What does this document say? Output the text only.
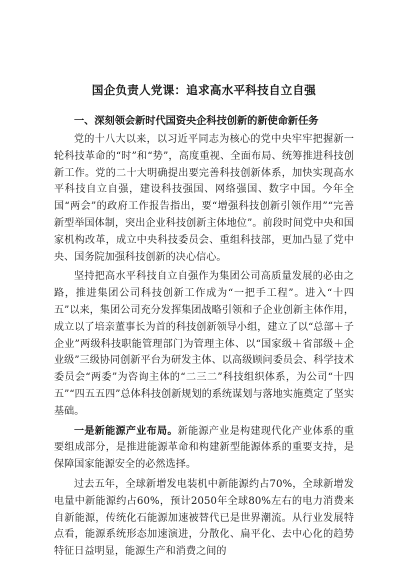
国企负责人党课：追求高水平科技自立自强
一、深刻领会新时代国资央企科技创新的新使命新任务

党的十八大以来，以习近平同志为核心的党中央牢牢把握新一轮科技革命的“时”和“势”，高度重视、全面布局、统筹推进科技创新工作。党的二十大明确提出要完善科技创新体系，加快实现高水平科技自立自强，建设科技强国、网络强国、数字中国。今年全国“两会”的政府工作报告指出，要“增强科技创新引领作用”“完善新型举国体制，突出企业科技创新主体地位”。前段时间党中央和国家机构改革，成立中央科技委员会、重组科技部，更加凸显了党中央、国务院加强科技创新的决心信心。

坚持把高水平科技自立自强作为集团公司高质量发展的必由之路，推进集团公司科技创新工作成为“一把手工程”。进入“十四五”以来，集团公司充分发挥集团战略引领和子企业创新主体作用，成立以了培亲董事长为首的科技创新领导小组，建立了以“总部＋子企业”两级科技职能管理部门为管理主体、以“国家级＋省部级＋企业级”三级协同创新平台为研发主体、以高级顾问委员会、科学技术委员会“两委”为咨询主体的“二三二”科技组织体系，为公司“十四五”“四五五四”总体科技创新规划的系统谋划与落地实施奠定了坚实基础。

一是新能源产业布局。新能源产业是构建现代化产业体系的重要组成部分，是推进能源革命和构建新型能源体系的重要支持，是保障国家能源安全的必然选择。

过去五年，全球新增发电装机中新能源约占70%，全球新增发电量中新能源约占60%，预计2050年全球80%左右的电力消费来自新能源，传统化石能源加速被替代已是世界潮流。从行业发展特点看，能源系统形态加速演进，分散化、扁平化、去中心化的趋势特征日益明显，能源生产和消费之间的
